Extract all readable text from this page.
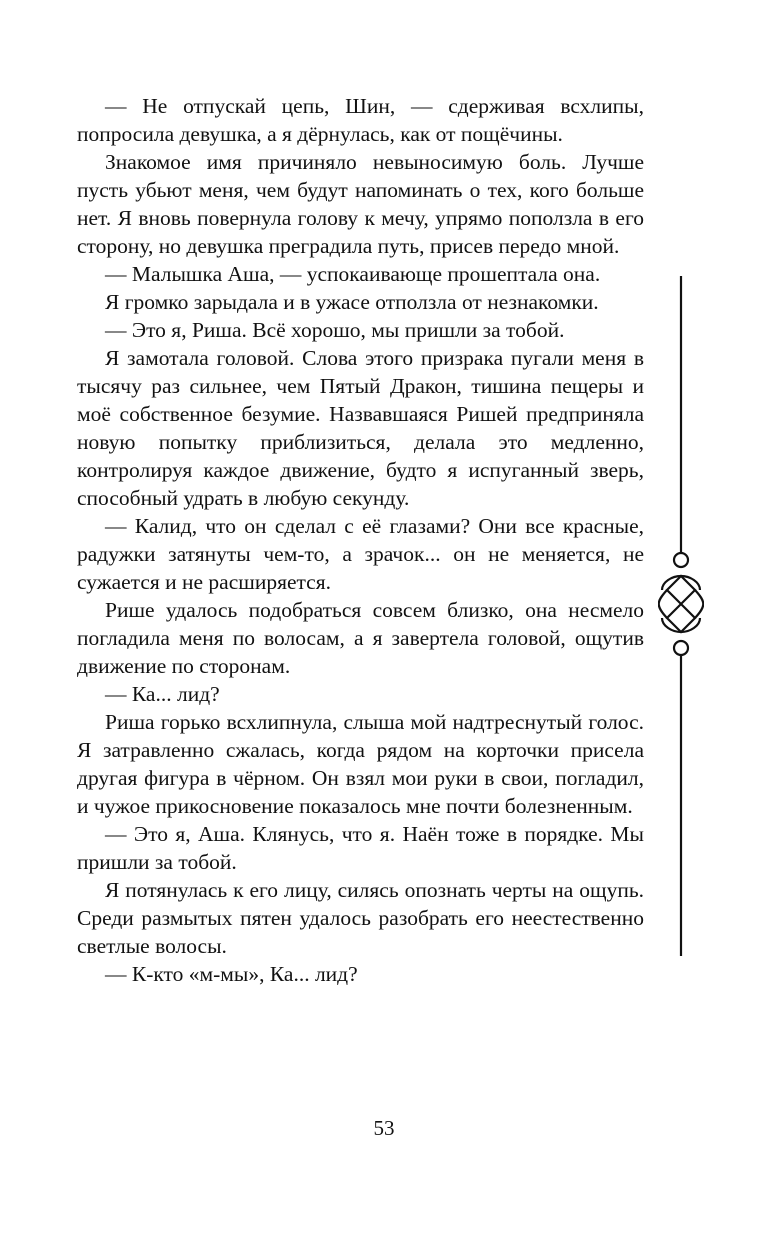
— Не отпускай цепь, Шин, — сдерживая всхлипы, попросила девушка, а я дёрнулась, как от пощёчины.

Знакомое имя причиняло невыносимую боль. Лучше пусть убьют меня, чем будут напоминать о тех, кого больше нет. Я вновь повернула голову к мечу, упрямо поползла в его сторону, но девушка преградила путь, присев передо мной.

— Малышка Аша, — успокаивающе прошептала она.

Я громко зарыдала и в ужасе отползла от незнакомки.

— Это я, Риша. Всё хорошо, мы пришли за тобой.

Я замотала головой. Слова этого призрака пугали меня в тысячу раз сильнее, чем Пятый Дракон, тишина пещеры и моё собственное безумие. Назвавшаяся Ришей предприняла новую попытку приблизиться, делала это медленно, контролируя каждое движение, будто я испуганный зверь, способный удрать в любую секунду.

— Калид, что он сделал с её глазами? Они все красные, радужки затянуты чем-то, а зрачок... он не меняется, не сужается и не расширяется.

Рише удалось подобраться совсем близко, она несмело погладила меня по волосам, а я завертела головой, ощутив движение по сторонам.

— Ка... лид?

Риша горько всхлипнула, слыша мой надтреснутый голос. Я затравленно сжалась, когда рядом на корточки присела другая фигура в чёрном. Он взял мои руки в свои, погладил, и чужое прикосновение показалось мне почти болезненным.

— Это я, Аша. Клянусь, что я. Наён тоже в порядке. Мы пришли за тобой.

Я потянулась к его лицу, силясь опознать черты на ощупь. Среди размытых пятен удалось разобрать его неестественно светлые волосы.

— К-кто «м-мы», Ка... лид?

53
